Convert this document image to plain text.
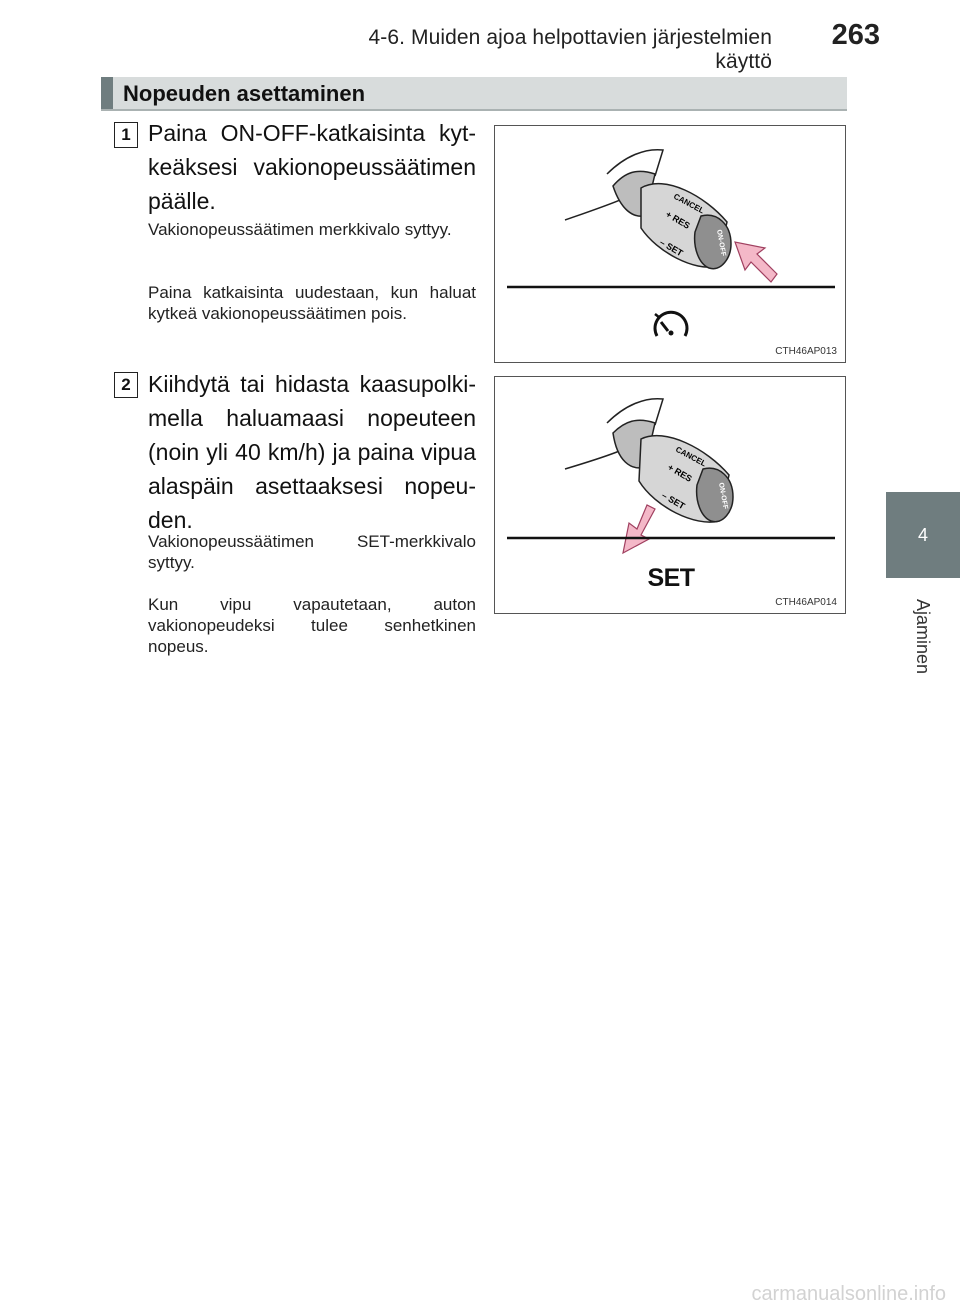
4-6. Muiden ajoa helpottavien järjestelmien käyttö
263
4
Ajaminen
Nopeuden asettaminen
1 Paina ON-OFF-katkaisinta kytkeäksesi vakionopeussäätimen päälle.

Vakionopeussäätimen merkkivalo syttyy.

Paina katkaisinta uudestaan, kun haluat kytkeä vakionopeussäätimen pois.

CANCEL
+ RES
– SET	ON-OFF
CTH46AP013
2 Kiihdytä tai hidasta kaasupolkimella haluamaasi nopeuteen (noin yli 40 km/h) ja paina vipua alaspäin asettaaksesi nopeuden.

Vakionopeussäätimen SET-merkkivalo syttyy.

Kun vipu vapautetaan, auton vakionopeudeksi tulee senhetkinen nopeus.

CANCEL
+ RES
– SET	ON-OFF
SET
CTH46AP014
carmanualsonline.info
